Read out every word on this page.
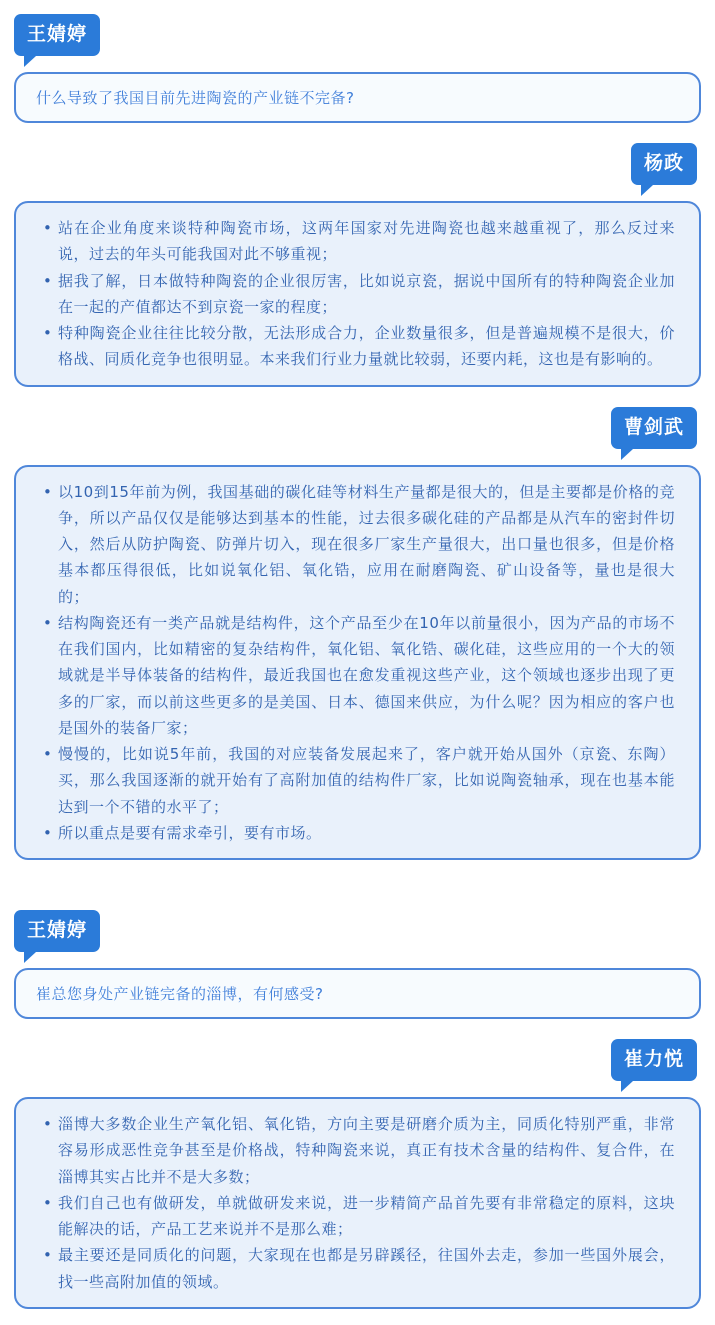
王婧婷
什么导致了我国目前先进陶瓷的产业链不完备?
杨政
• 站在企业角度来谈特种陶瓷市场，这两年国家对先进陶瓷也越来越重视了，那么反过来说，过去的年头可能我国对此不够重视；
• 据我了解，日本做特种陶瓷的企业很厉害，比如说京瓷，据说中国所有的特种陶瓷企业加在一起的产值都达不到京瓷一家的程度；
• 特种陶瓷企业往往比较分散，无法形成合力，企业数量很多，但是普遍规模不是很大，价格战、同质化竞争也很明显。本来我们行业力量就比较弱，还要内耗，这也是有影响的。
曹剑武
• 以10到15年前为例，我国基础的碳化硅等材料生产量都是很大的，但是主要都是价格的竞争，所以产品仅仅是能够达到基本的性能，过去很多碳化硅的产品都是从汽车的密封件切入，然后从防护陶瓷、防弹片切入，现在很多厂家生产量很大，出口量也很多，但是价格基本都压得很低，比如说氧化铝、氧化锆，应用在耐磨陶瓷、矿山设备等，量也是很大的；
• 结构陶瓷还有一类产品就是结构件，这个产品至少在10年以前量很小，因为产品的市场不在我们国内，比如精密的复杂结构件，氧化铝、氧化锆、碳化硅，这些应用的一个大的领域就是半导体装备的结构件，最近我国也在愈发重视这些产业，这个领域也逐步出现了更多的厂家，而以前这些更多的是美国、日本、德国来供应，为什么呢？因为相应的客户也是国外的装备厂家；
• 慢慢的，比如说5年前，我国的对应装备发展起来了，客户就开始从国外（京瓷、东陶）买，那么我国逐渐的就开始有了高附加值的结构件厂家，比如说陶瓷轴承，现在也基本能达到一个不错的水平了；
• 所以重点是要有需求牵引，要有市场。
王婧婷
崔总您身处产业链完备的淄博，有何感受?
崔力悦
• 淄博大多数企业生产氧化铝、氧化锆，方向主要是研磨介质为主，同质化特别严重，非常容易形成恶性竞争甚至是价格战，特种陶瓷来说，真正有技术含量的结构件、复合件，在淄博其实占比并不是大多数；
• 我们自己也有做研发，单就做研发来说，进一步精简产品首先要有非常稳定的原料，这块能解决的话，产品工艺来说并不是那么难；
• 最主要还是同质化的问题，大家现在也都是另辟蹊径，往国外去走，参加一些国外展会，找一些高附加值的领域。
